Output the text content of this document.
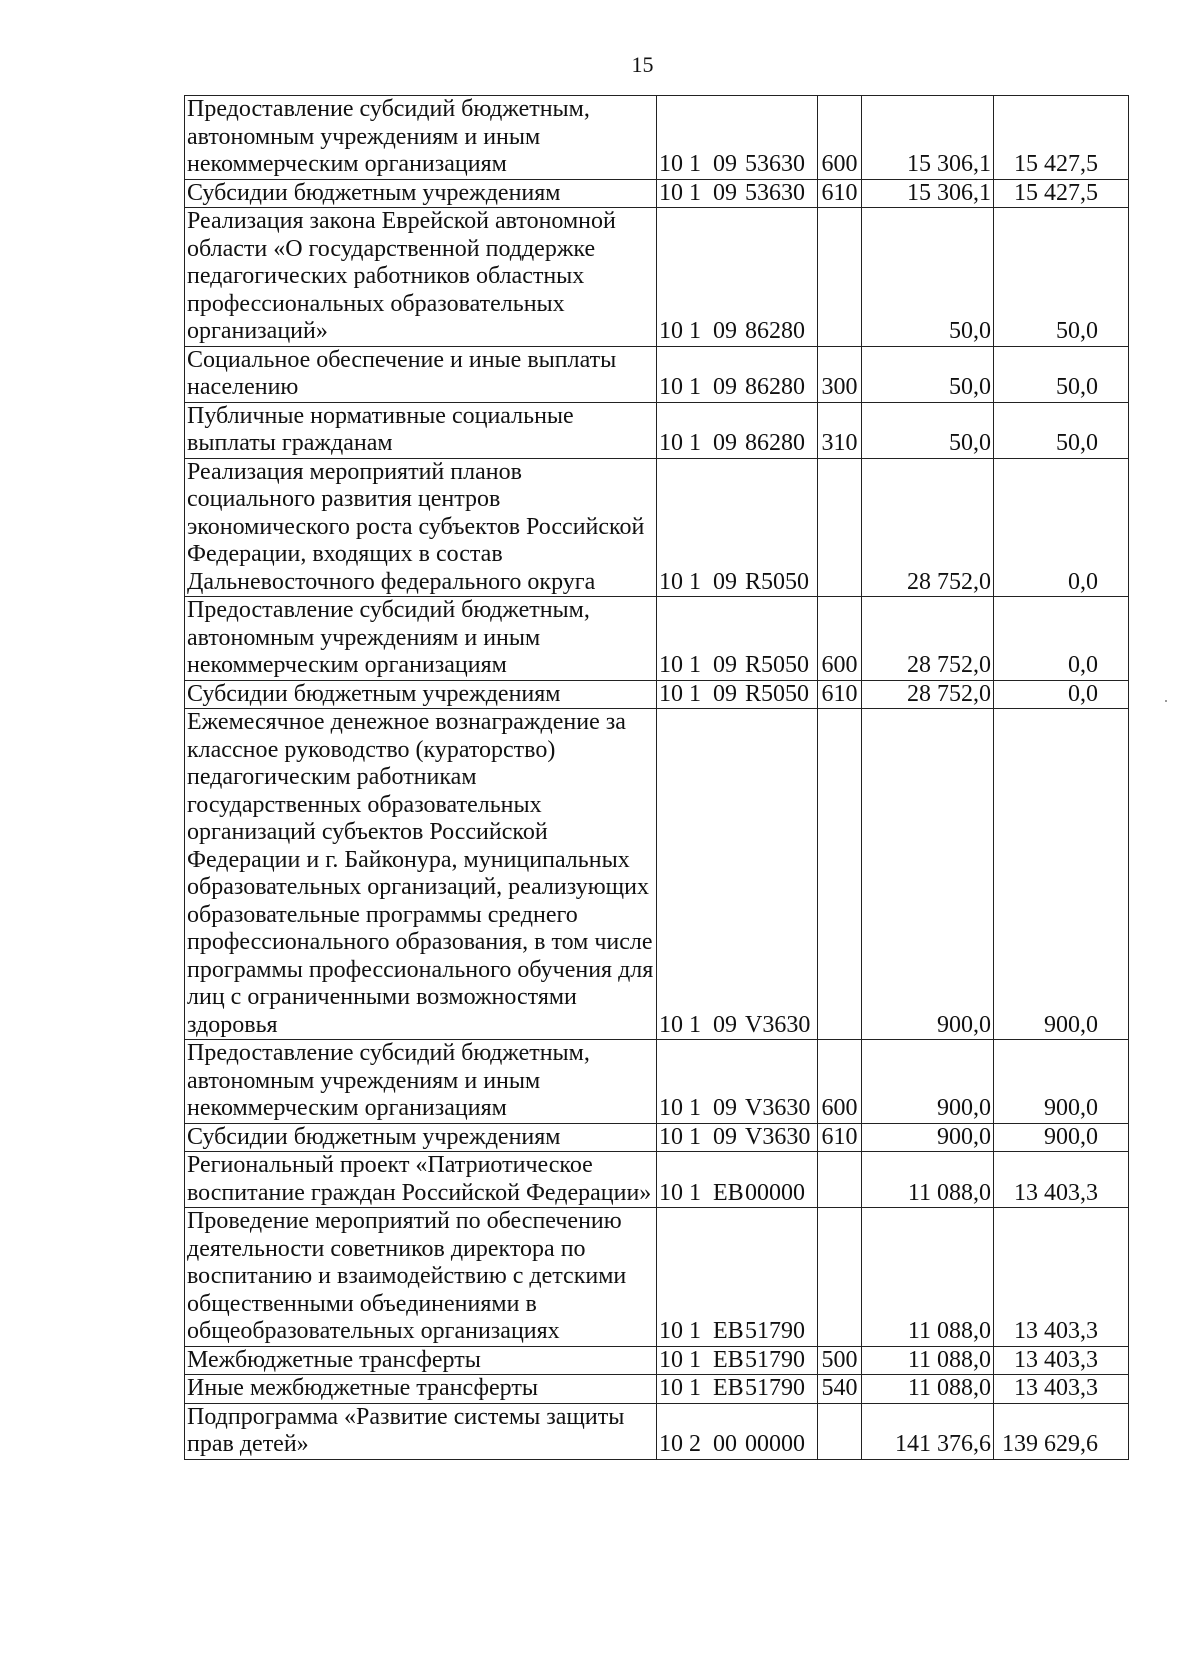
15
Предоставление субсидий бюджетным, автономным учреждениям и иным некоммерческим организациям	10 1 09 53630	600	15 306,1	15 427,5
Субсидии бюджетным учреждениям	10 1 09 53630	610	15 306,1	15 427,5
Реализация закона Еврейской автономной области «О государственной поддержке педагогических работников областных профессиональных образовательных организаций»	10 1 09 86280		50,0	50,0
Социальное обеспечение и иные выплаты населению	10 1 09 86280	300	50,0	50,0
Публичные нормативные социальные выплаты гражданам	10 1 09 86280	310	50,0	50,0
Реализация мероприятий планов социального развития центров экономического роста субъектов Российской Федерации, входящих в состав Дальневосточного федерального округа	10 1 09 R5050		28 752,0	0,0
Предоставление субсидий бюджетным, автономным учреждениям и иным некоммерческим организациям	10 1 09 R5050	600	28 752,0	0,0
Субсидии бюджетным учреждениям	10 1 09 R5050	610	28 752,0	0,0
Ежемесячное денежное вознаграждение за классное руководство (кураторство) педагогическим работникам государственных образовательных организаций субъектов Российской Федерации и г. Байконура, муниципальных образовательных организаций, реализующих образовательные программы среднего профессионального образования, в том числе программы профессионального обучения для лиц с ограниченными возможностями здоровья	10 1 09 V3630		900,0	900,0
Предоставление субсидий бюджетным, автономным учреждениям и иным некоммерческим организациям	10 1 09 V3630	600	900,0	900,0
Субсидии бюджетным учреждениям	10 1 09 V3630	610	900,0	900,0
Региональный проект «Патриотическое воспитание граждан Российской Федерации»	10 1 EB00000		11 088,0	13 403,3
Проведение мероприятий по обеспечению деятельности советников директора по воспитанию и взаимодействию с детскими общественными объединениями в общеобразовательных организациях	10 1 EB51790		11 088,0	13 403,3
Межбюджетные трансферты	10 1 EB51790	500	11 088,0	13 403,3
Иные межбюджетные трансферты	10 1 EB51790	540	11 088,0	13 403,3
Подпрограмма «Развитие системы защиты прав детей»	10 2 00 00000		141 376,6	139 629,6
